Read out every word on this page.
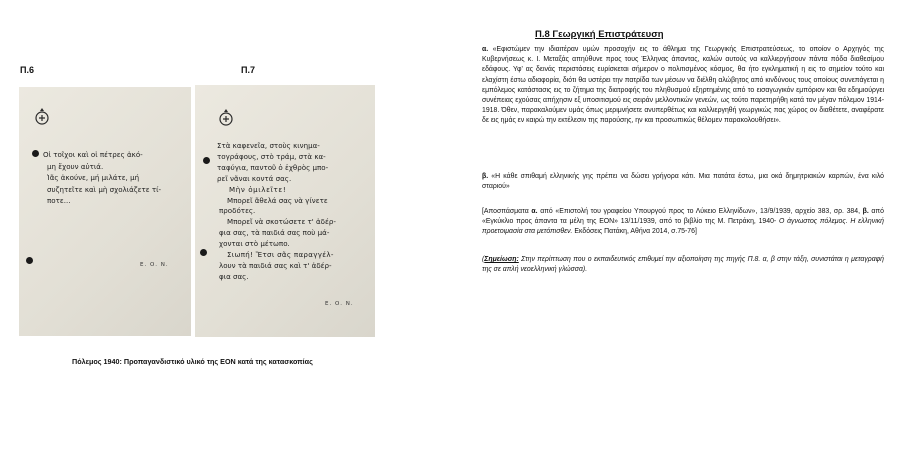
Π.6	Π.7
Οἱ τοῖχοι καὶ οἱ πέτρες ἀκό-
μη ἔχουν αὐτιά.
Ἰἄς ἀκούνε, μή μιλάτε, μή
συζητεῖτε καὶ μὴ σχολιάζετε τί-
ποτε...
Ε. Ο. Ν.
Στὰ καφενεῖα, στοὺς κινημα-
τογράφους, στὸ τράμ, στὰ κα-
ταφύγια, παντοῦ ὁ ἐχθρὸς μπο-
ρεῖ νᾶναι κοντά σας.
Μὴν ὁμιλεῖτε!
Μπορεῖ ἄθελά σας νὰ γίνετε
προδότες.
Μπορεῖ νὰ σκοτώσετε τ' ἀδέρ-
φια σας, τὰ παιδιά σας ποὺ μά-
χονται στὸ μέτωπο.
Σιωπή! Ἔτσι σᾶς παραγγέλ-
λουν τὰ παιδιά σας καὶ τ' ἀδέρ-
φια σας.
Ε. Ο. Ν.
Πόλεμος 1940: Προπαγανδιστικό υλικό της ΕΟΝ κατά της κατασκοπίας
Π.8 Γεωργική Επιστράτευση
α. «Εφιστώμεν την ιδιαιτέραν υμών προσοχήν εις το άθλημα της Γεωργικής Επιστρατεύσεως, το οποίον ο Αρχηγός της Κυβερνήσεως κ. Ι. Μεταξάς απηύθυνε προς τους Έλληνας άπαντας, καλών αυτούς να καλλιεργήσουν πάντα πόδα διαθεσίμου εδάφους. Υφ' ας δεινάς περιστάσεις ευρίσκεται σήμερον ο πολιτισμένος κόσμος, θα ήτο εγκληματική η εις το σημείον τούτο και ελαχίστη έστω αδιαφορία, διότι θα υστέρει την πατρίδα των μέσων να διέλθη αλώβητος από κινδύνους τους οποίους συνεπάγεται η εμπόλεμος κατάστασις εις το ζήτημα της διατροφής του πληθυσμού εξηρτημένης από το εισαγωγικόν εμπόριον και θα εδημιούργει συνέπειας εχούσας απήχησιν εξ υποσιτισμού εις σειράν μελλοντικών γενεών, ως τούτο παρετηρήθη κατά τον μέγαν πόλεμον 1914-1918. Όθεν, παρακαλούμεν υμάς όπως μεριμνήσετε ανυπερθέτως και καλλιεργηθή γεωργικώς πας χώρος ον διαθέτετε, αναφέρατε δε εις ημάς εν καιρώ την εκτέλεσιν της παρούσης, ην και προσωπικώς θέλομεν παρακολουθήσει».
β. «Η κάθε σπιθαμή ελληνικής γης πρέπει να δώσει γρήγορα κάτι. Μια πατάτα έστω, μια οκά δημητριακών καρπών, ένα κιλό σταριού»
[Αποσπάσματα α. από «Επιστολή του γραφείου Υπουργού προς το Λύκειο Ελληνίδων», 13/9/1939, αρχείο 383, σρ. 384, β. από «Εγκύκλιο προς άπαντα τα μέλη της ΕΟΝ» 13/11/1939, από το βιβλίο της Μ. Πετράκη, 1940- Ο άγνωστος πόλεμος. Η ελληνική προετοιμασία στα μετόπισθεν. Εκδόσεις Πατάκη, Αθήνα 2014, σ.75-76]
(Σημείωση: Στην περίπτωση που ο εκπαιδευτικός επιθυμεί την αξιοποίηση της πηγής Π.8. α, β στην τάξη, συνιστάται η μεταγραφή της σε απλή νεοελληνική γλώσσα).
